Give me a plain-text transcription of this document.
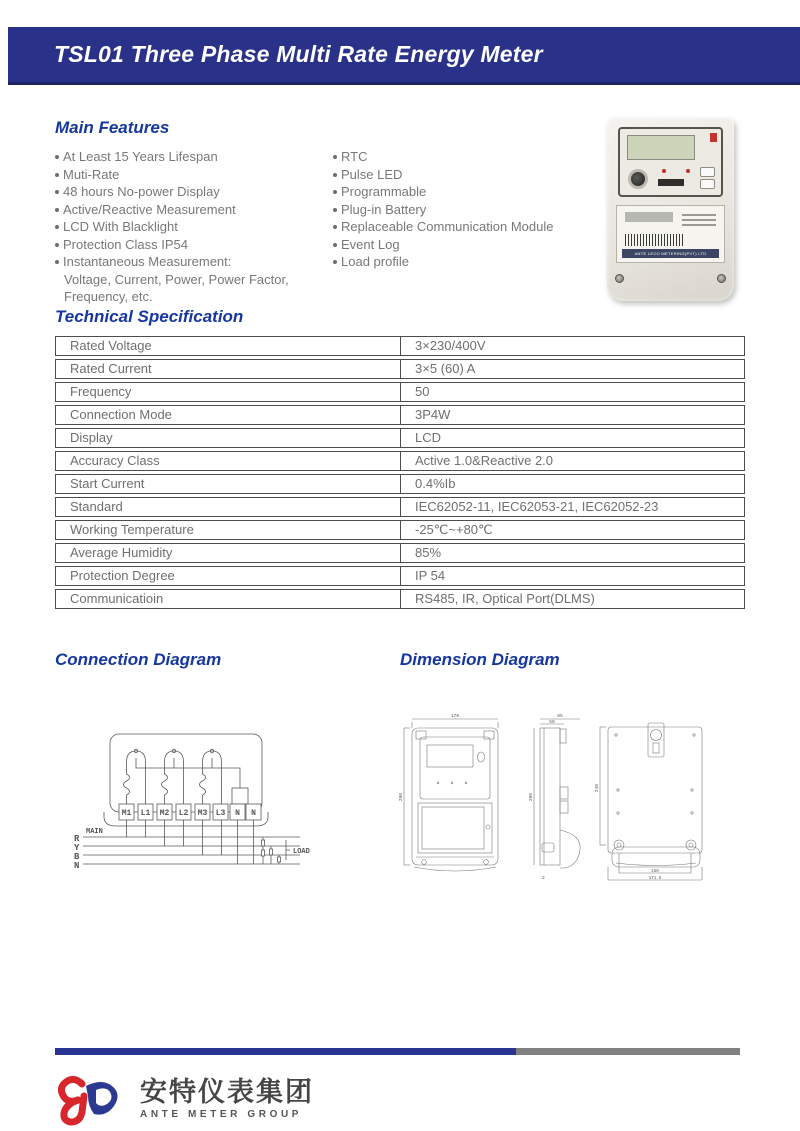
TSL01 Three Phase Multi Rate Energy Meter
Main Features
At Least 15 Years Lifespan
Muti-Rate
48 hours No-power Display
Active/Reactive Measurement
LCD With Blacklight
Protection Class IP54
Instantaneous Measurement:
Voltage, Current, Power, Power Factor,
Frequency, etc.
RTC
Pulse LED
Programmable
Plug-in Battery
Replaceable Communication Module
Event Log
Load profile
ANTE LECO METERING(PVT) LTD
Technical Specification
Rated Voltage	3×230/400V
Rated Current	3×5 (60) A
Frequency	50
Connection Mode	3P4W
Display	LCD
Accuracy Class	Active 1.0&Reactive 2.0
Start Current	0.4%Ib
Standard	IEC62052-11, IEC62053-21, IEC62052-23
Working Temperature	-25℃~+80℃
Average Humidity	85%
Protection Degree	IP 54
Communicatioin	RS485, IR, Optical Port(DLMS)
Connection Diagram	Dimension Diagram
M1 L1 M2 L2 M3 L3 N N
R
Y
B
N
MAIN
LOAD
170
290
85
50
290
2
240
150
171.5
安特仪表集团
ANTE METER GROUP
